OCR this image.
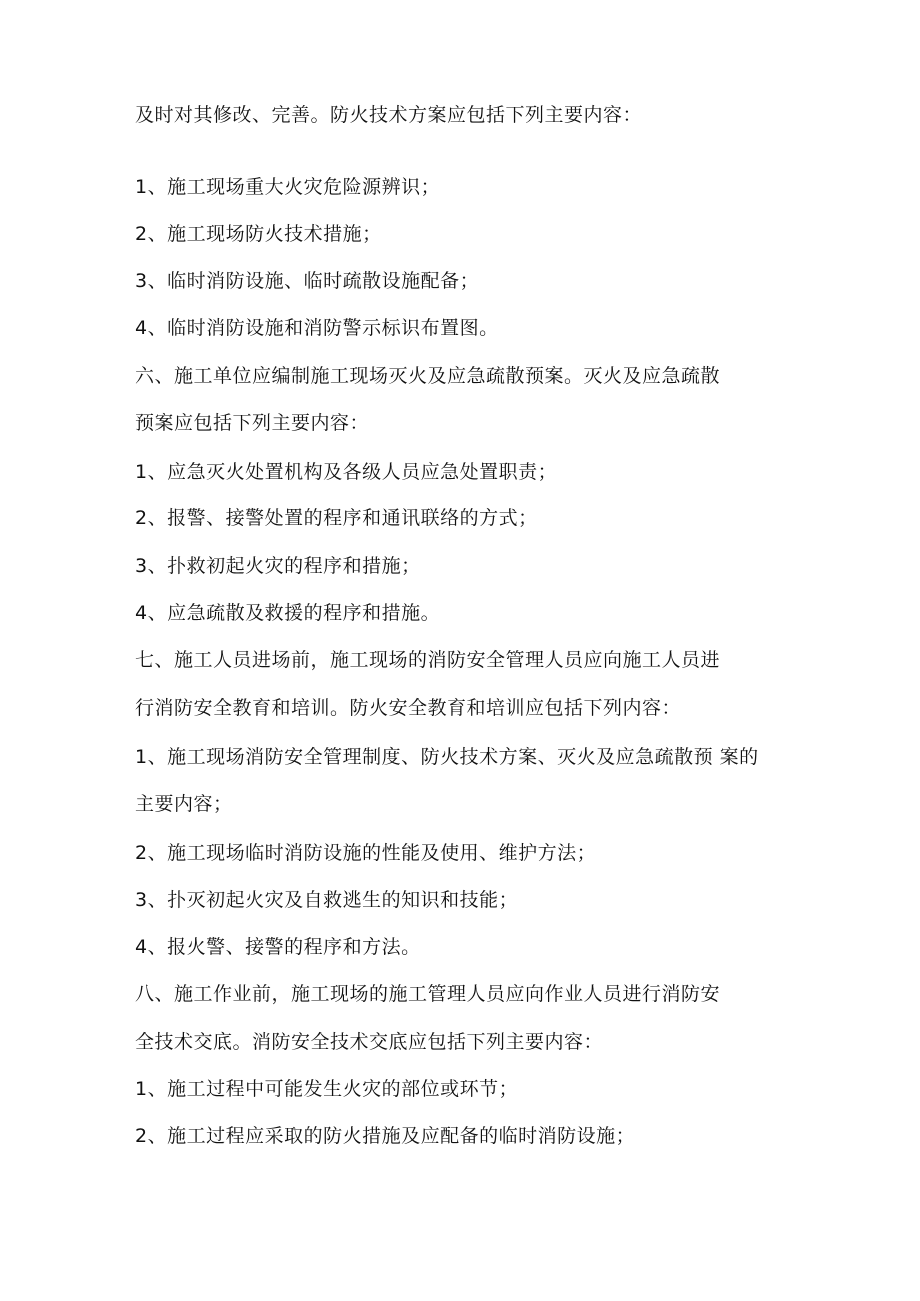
及时对其修改、完善。防火技术方案应包括下列主要内容：
1、施工现场重大火灾危险源辨识；
2、施工现场防火技术措施；
3、临时消防设施、临时疏散设施配备；
4、临时消防设施和消防警示标识布置图。
六、施工单位应编制施工现场灭火及应急疏散预案。灭火及应急疏散
预案应包括下列主要内容：
1、应急灭火处置机构及各级人员应急处置职责；
2、报警、接警处置的程序和通讯联络的方式；
3、扑救初起火灾的程序和措施；
4、应急疏散及救援的程序和措施。
七、施工人员进场前，施工现场的消防安全管理人员应向施工人员进
行消防安全教育和培训。防火安全教育和培训应包括下列内容：
1、施工现场消防安全管理制度、防火技术方案、灭火及应急疏散预 案的
主要内容；
2、施工现场临时消防设施的性能及使用、维护方法；
3、扑灭初起火灾及自救逃生的知识和技能；
4、报火警、接警的程序和方法。
八、施工作业前，施工现场的施工管理人员应向作业人员进行消防安
全技术交底。消防安全技术交底应包括下列主要内容：
1、施工过程中可能发生火灾的部位或环节；
2、施工过程应采取的防火措施及应配备的临时消防设施；
